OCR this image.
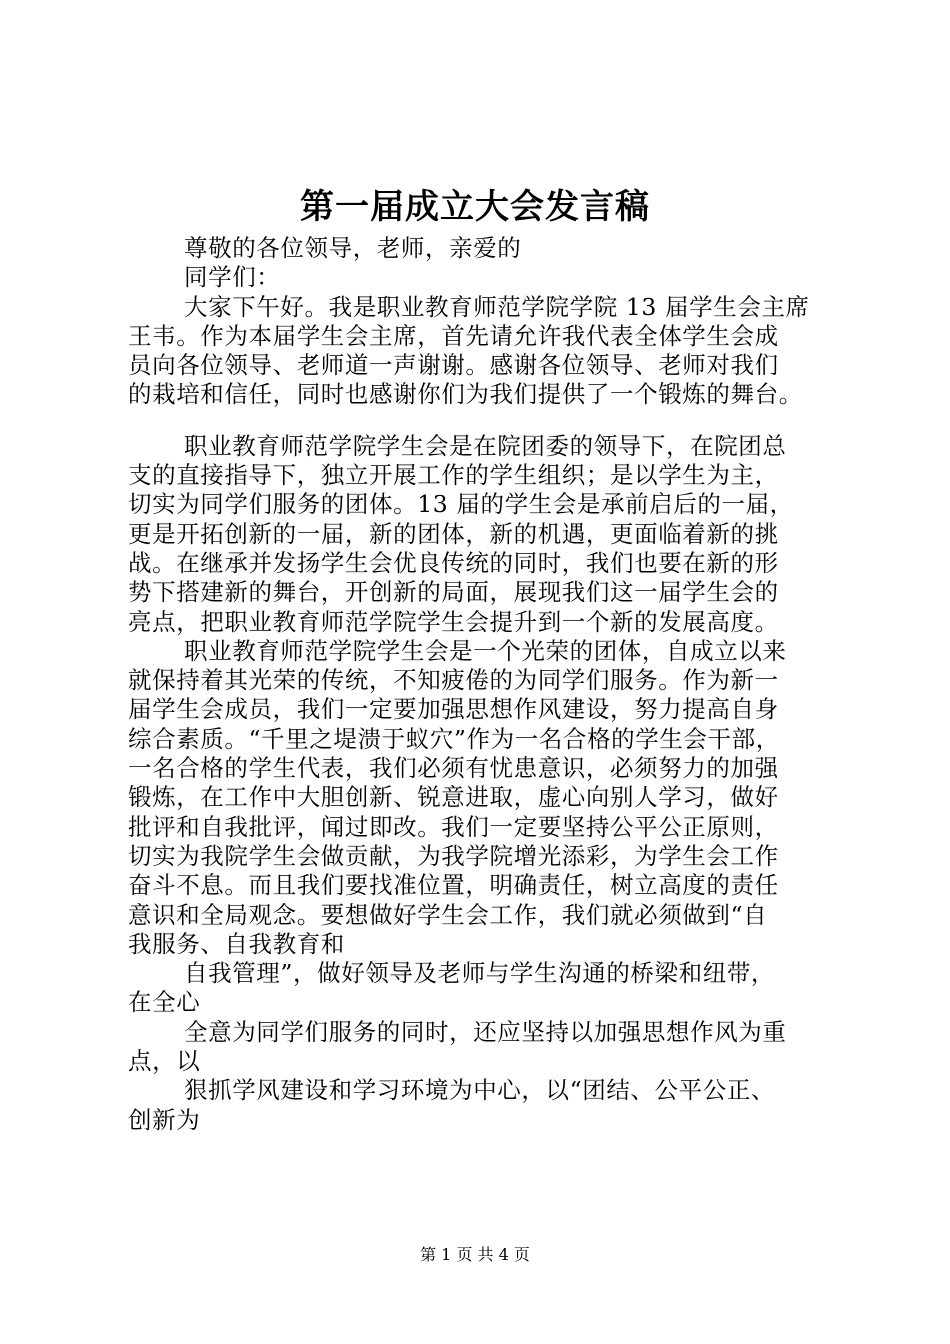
第一届成立大会发言稿
尊敬的各位领导，老师，亲爱的
同学们：
大家下午好。我是职业教育师范学院学院 13 届学生会主席
王韦。作为本届学生会主席，首先请允许我代表全体学生会成
员向各位领导、老师道一声谢谢。感谢各位领导、老师对我们
的栽培和信任，同时也感谢你们为我们提供了一个锻炼的舞台。
职业教育师范学院学生会是在院团委的领导下，在院团总
支的直接指导下，独立开展工作的学生组织；是以学生为主，
切实为同学们服务的团体。13 届的学生会是承前启后的一届，
更是开拓创新的一届，新的团体，新的机遇，更面临着新的挑
战。在继承并发扬学生会优良传统的同时，我们也要在新的形
势下搭建新的舞台，开创新的局面，展现我们这一届学生会的
亮点，把职业教育师范学院学生会提升到一个新的发展高度。
职业教育师范学院学生会是一个光荣的团体，自成立以来
就保持着其光荣的传统，不知疲倦的为同学们服务。作为新一
届学生会成员，我们一定要加强思想作风建设，努力提高自身
综合素质。“千里之堤溃于蚁穴”作为一名合格的学生会干部，
一名合格的学生代表，我们必须有忧患意识，必须努力的加强
锻炼，在工作中大胆创新、锐意进取，虚心向别人学习，做好
批评和自我批评，闻过即改。我们一定要坚持公平公正原则，
切实为我院学生会做贡献，为我学院增光添彩，为学生会工作
奋斗不息。而且我们要找准位置，明确责任，树立高度的责任
意识和全局观念。要想做好学生会工作，我们就必须做到“自
我服务、自我教育和
自我管理”，做好领导及老师与学生沟通的桥梁和纽带，
在全心
全意为同学们服务的同时，还应坚持以加强思想作风为重
点，以
狠抓学风建设和学习环境为中心，以“团结、公平公正、
创新为
第 1 页 共 4 页
